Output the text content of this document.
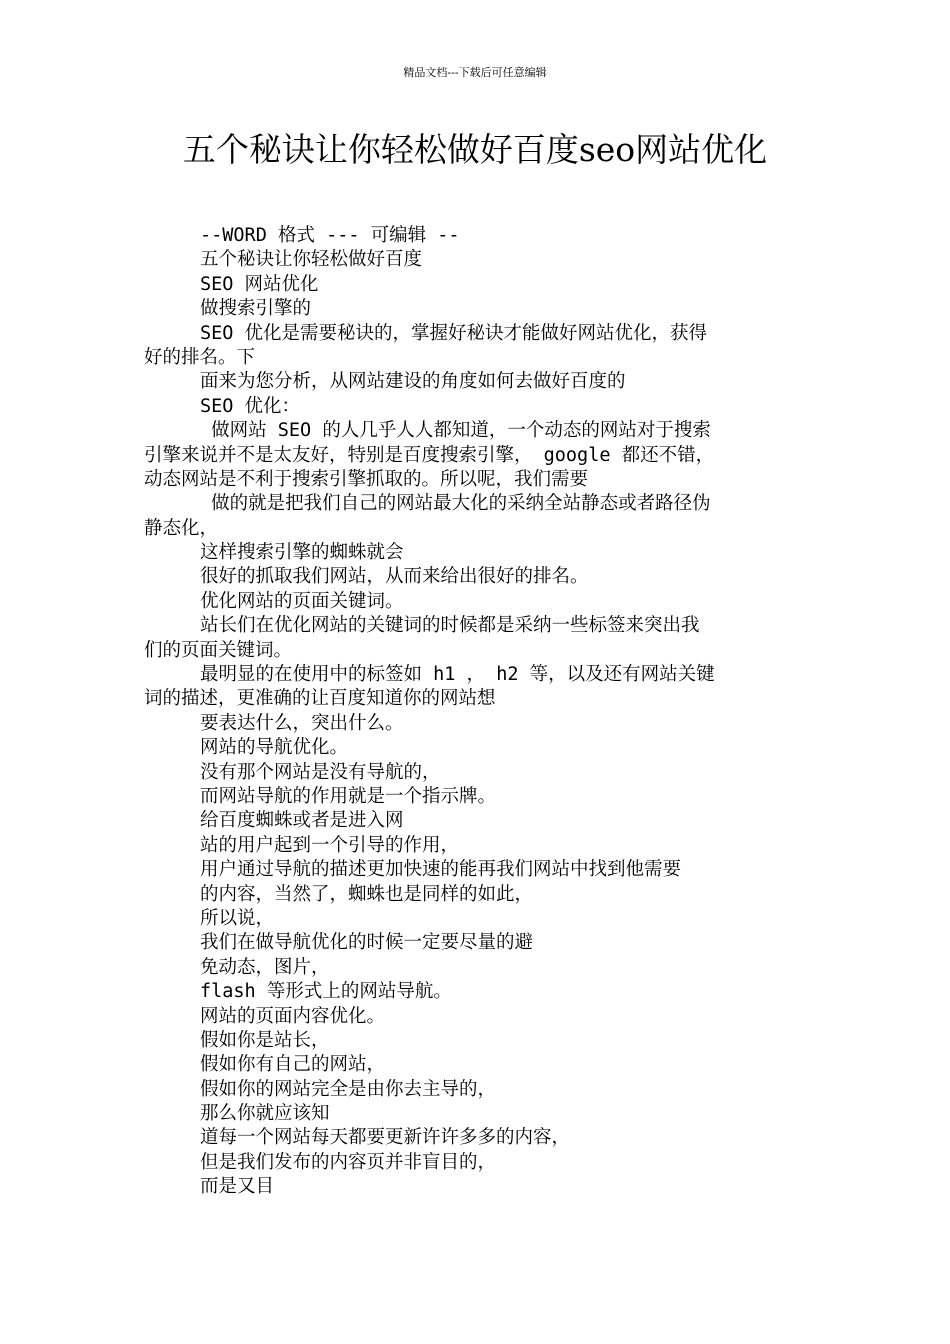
精品文档---下载后可任意编辑
五个秘诀让你轻松做好百度seo网站优化
--WORD 格式 --- 可编辑 --
五个秘诀让你轻松做好百度
SEO 网站优化
做搜索引擎的
SEO 优化是需要秘诀的，掌握好秘诀才能做好网站优化，获得
好的排名。下
面来为您分析，从网站建设的角度如何去做好百度的
SEO 优化：
做网站 SEO 的人几乎人人都知道，一个动态的网站对于搜索
引擎来说并不是太友好，特别是百度搜索引擎， google 都还不错，
动态网站是不利于搜索引擎抓取的。所以呢，我们需要
做的就是把我们自己的网站最大化的采纳全站静态或者路径伪
静态化，
这样搜索引擎的蜘蛛就会
很好的抓取我们网站，从而来给出很好的排名。
优化网站的页面关键词。
站长们在优化网站的关键词的时候都是采纳一些标签来突出我
们的页面关键词。
最明显的在使用中的标签如 h1 ， h2 等，以及还有网站关键
词的描述，更准确的让百度知道你的网站想
要表达什么，突出什么。
网站的导航优化。
没有那个网站是没有导航的，
而网站导航的作用就是一个指示牌。
给百度蜘蛛或者是进入网
站的用户起到一个引导的作用，
用户通过导航的描述更加快速的能再我们网站中找到他需要
的内容，当然了，蜘蛛也是同样的如此，
所以说，
我们在做导航优化的时候一定要尽量的避
免动态，图片，
flash 等形式上的网站导航。
网站的页面内容优化。
假如你是站长，
假如你有自己的网站，
假如你的网站完全是由你去主导的，
那么你就应该知
道每一个网站每天都要更新许许多多的内容，
但是我们发布的内容页并非盲目的，
而是又目
